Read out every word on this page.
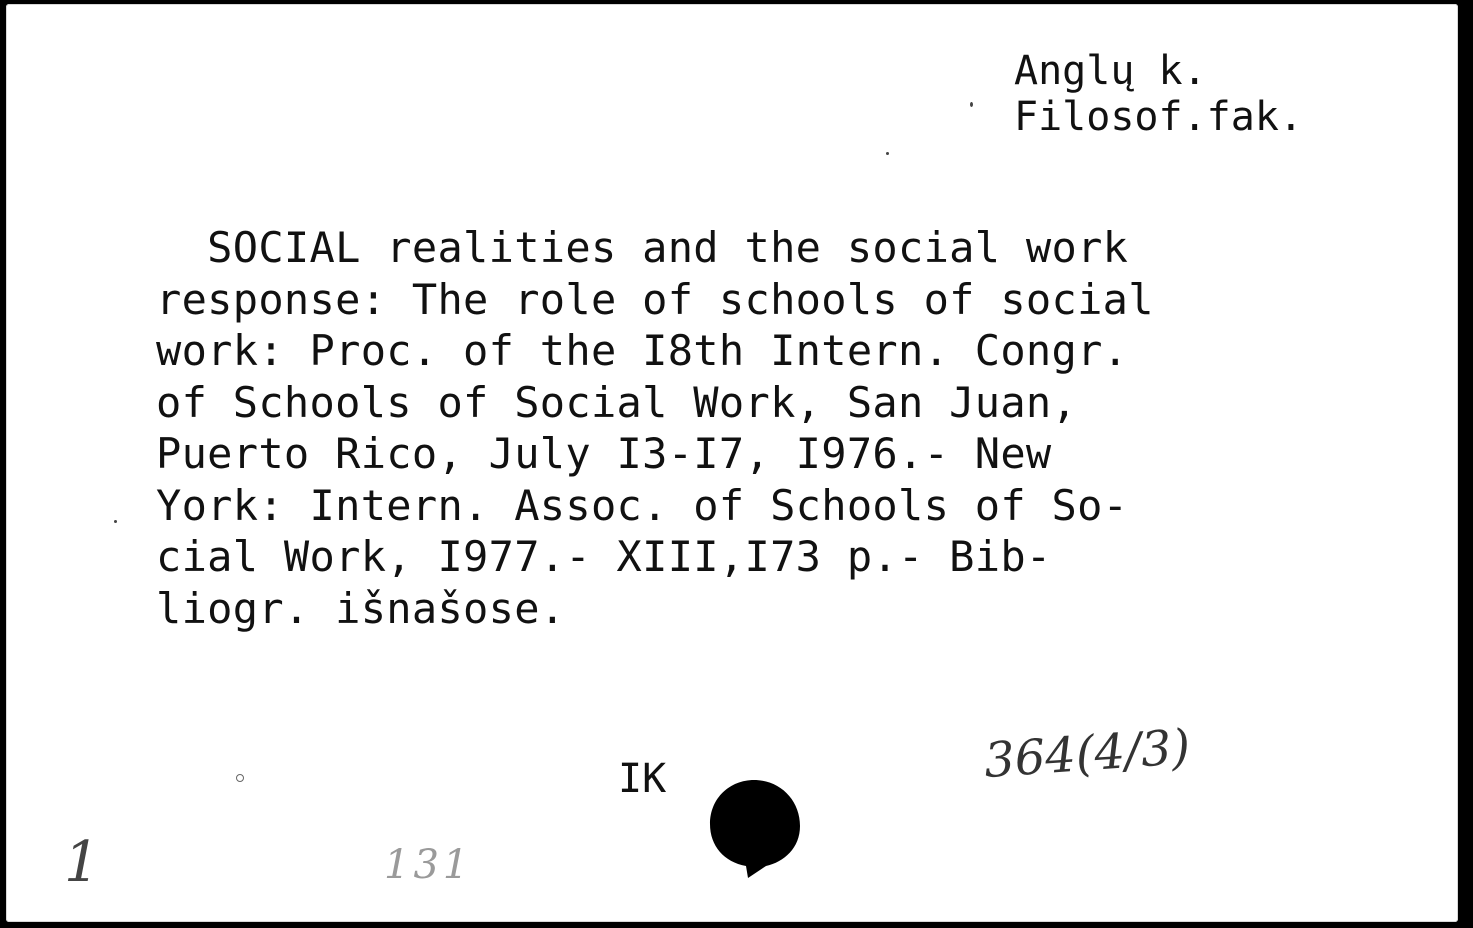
Anglų k.
Filosof.fak.
SOCIAL realities and the social work
response: The role of schools of social
work: Proc. of the I8th Intern. Congr.
of Schools of Social Work, San Juan,
Puerto Rico, July I3-I7, I976.- New
York: Intern. Assoc. of Schools of So-
cial Work, I977.- XIII,I73 p.- Bib-
liogr. išnašose.
IK	364(4/3)
1	131
